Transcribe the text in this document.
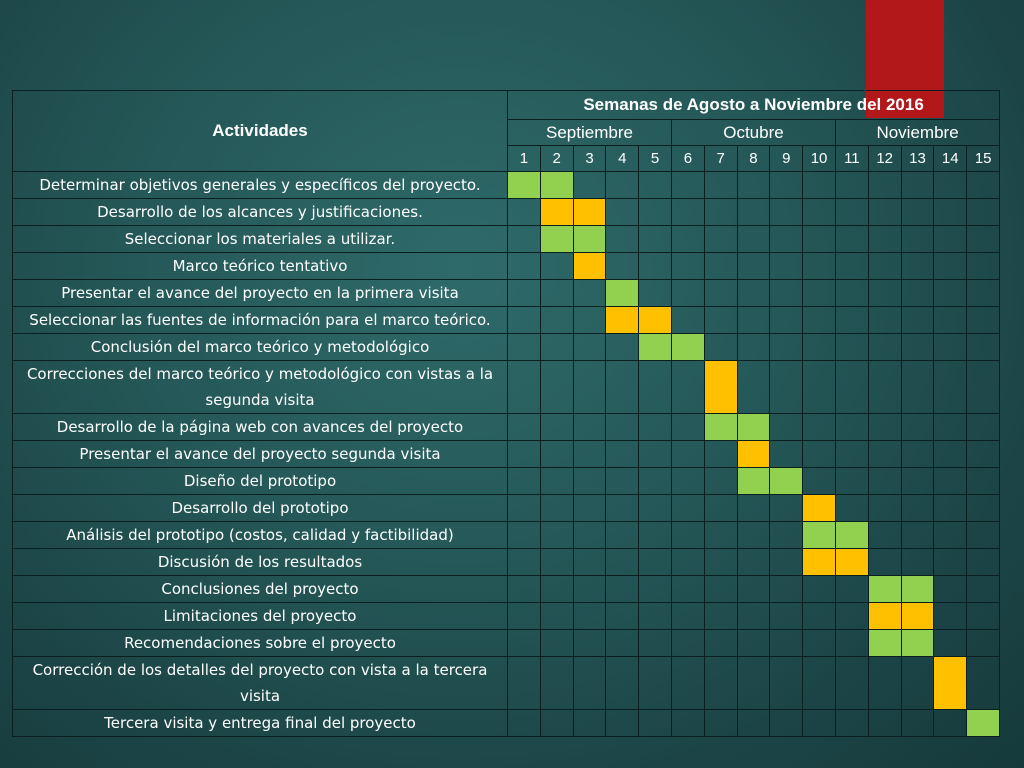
Actividades	Semanas de Agosto a Noviembre del 2016														
	Septiembre					Octubre					Noviembre				
	1	2	3	4	5	6	7	8	9	10	11	12	13	14	15
Determinar objetivos generales y específicos del proyecto.															
Desarrollo de los alcances y justificaciones.															
Seleccionar los materiales a utilizar.															
Marco teórico tentativo															
Presentar el avance del proyecto en la primera visita															
Seleccionar las fuentes de información para el marco teórico.															
Conclusión del marco teórico y metodológico															
Correcciones del marco teórico y metodológico con vistas a la segunda visita															
Desarrollo de la página web con avances del proyecto															
Presentar el avance del proyecto segunda visita															
Diseño del prototipo															
Desarrollo del prototipo															
Análisis del prototipo (costos, calidad y factibilidad)															
Discusión de los resultados															
Conclusiones del proyecto															
Limitaciones del proyecto															
Recomendaciones sobre el proyecto															
Corrección de los detalles del proyecto con vista a la tercera visita															
Tercera visita y entrega final del proyecto															
